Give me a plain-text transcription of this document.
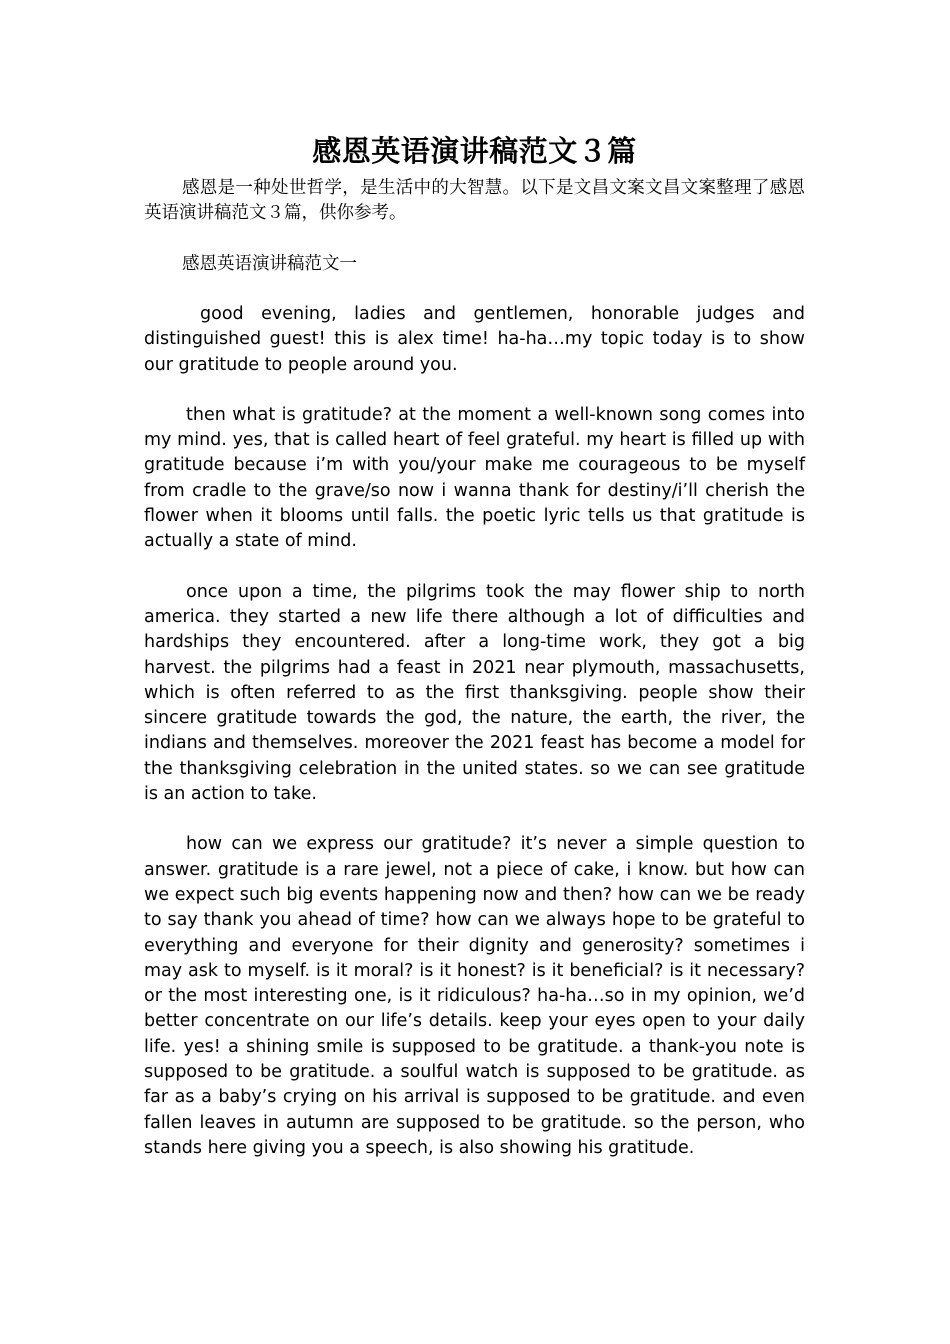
感恩英语演讲稿范文３篇

感恩是一种处世哲学，是生活中的大智慧。以下是文昌文案文昌文案整理了感恩英语演讲稿范文３篇，供你参考。

感恩英语演讲稿范文一

good evening, ladies and gentlemen, honorable judges and distinguished guest! this is alex time! ha-ha…my topic today is to show our gratitude to people around you.

then what is gratitude? at the moment a well-known song comes into my mind. yes, that is called heart of feel grateful. my heart is filled up with gratitude because i’m with you/your make me courageous to be myself from cradle to the grave/so now i wanna thank for destiny/i’ll cherish the flower when it blooms until falls. the poetic lyric tells us that gratitude is actually a state of mind.

once upon a time, the pilgrims took the may flower ship to north america. they started a new life there although a lot of difficulties and hardships they encountered. after a long-time work, they got a big harvest. the pilgrims had a feast in 2021 near plymouth, massachusetts, which is often referred to as the first thanksgiving. people show their sincere gratitude towards the god, the nature, the earth, the river, the indians and themselves. moreover the 2021 feast has become a model for the thanksgiving celebration in the united states. so we can see gratitude is an action to take.

how can we express our gratitude? it’s never a simple question to answer. gratitude is a rare jewel, not a piece of cake, i know. but how can we expect such big events happening now and then? how can we be ready to say thank you ahead of time? how can we always hope to be grateful to everything and everyone for their dignity and generosity? sometimes i may ask to myself. is it moral? is it honest? is it beneficial? is it necessary? or the most interesting one, is it ridiculous? ha-ha…so in my opinion, we’d better concentrate on our life’s details. keep your eyes open to your daily life. yes! a shining smile is supposed to be gratitude. a thank-you note is supposed to be gratitude. a soulful watch is supposed to be gratitude. as far as a baby’s crying on his arrival is supposed to be gratitude. and even fallen leaves in autumn are supposed to be gratitude. so the person, who stands here giving you a speech, is also showing his gratitude.
